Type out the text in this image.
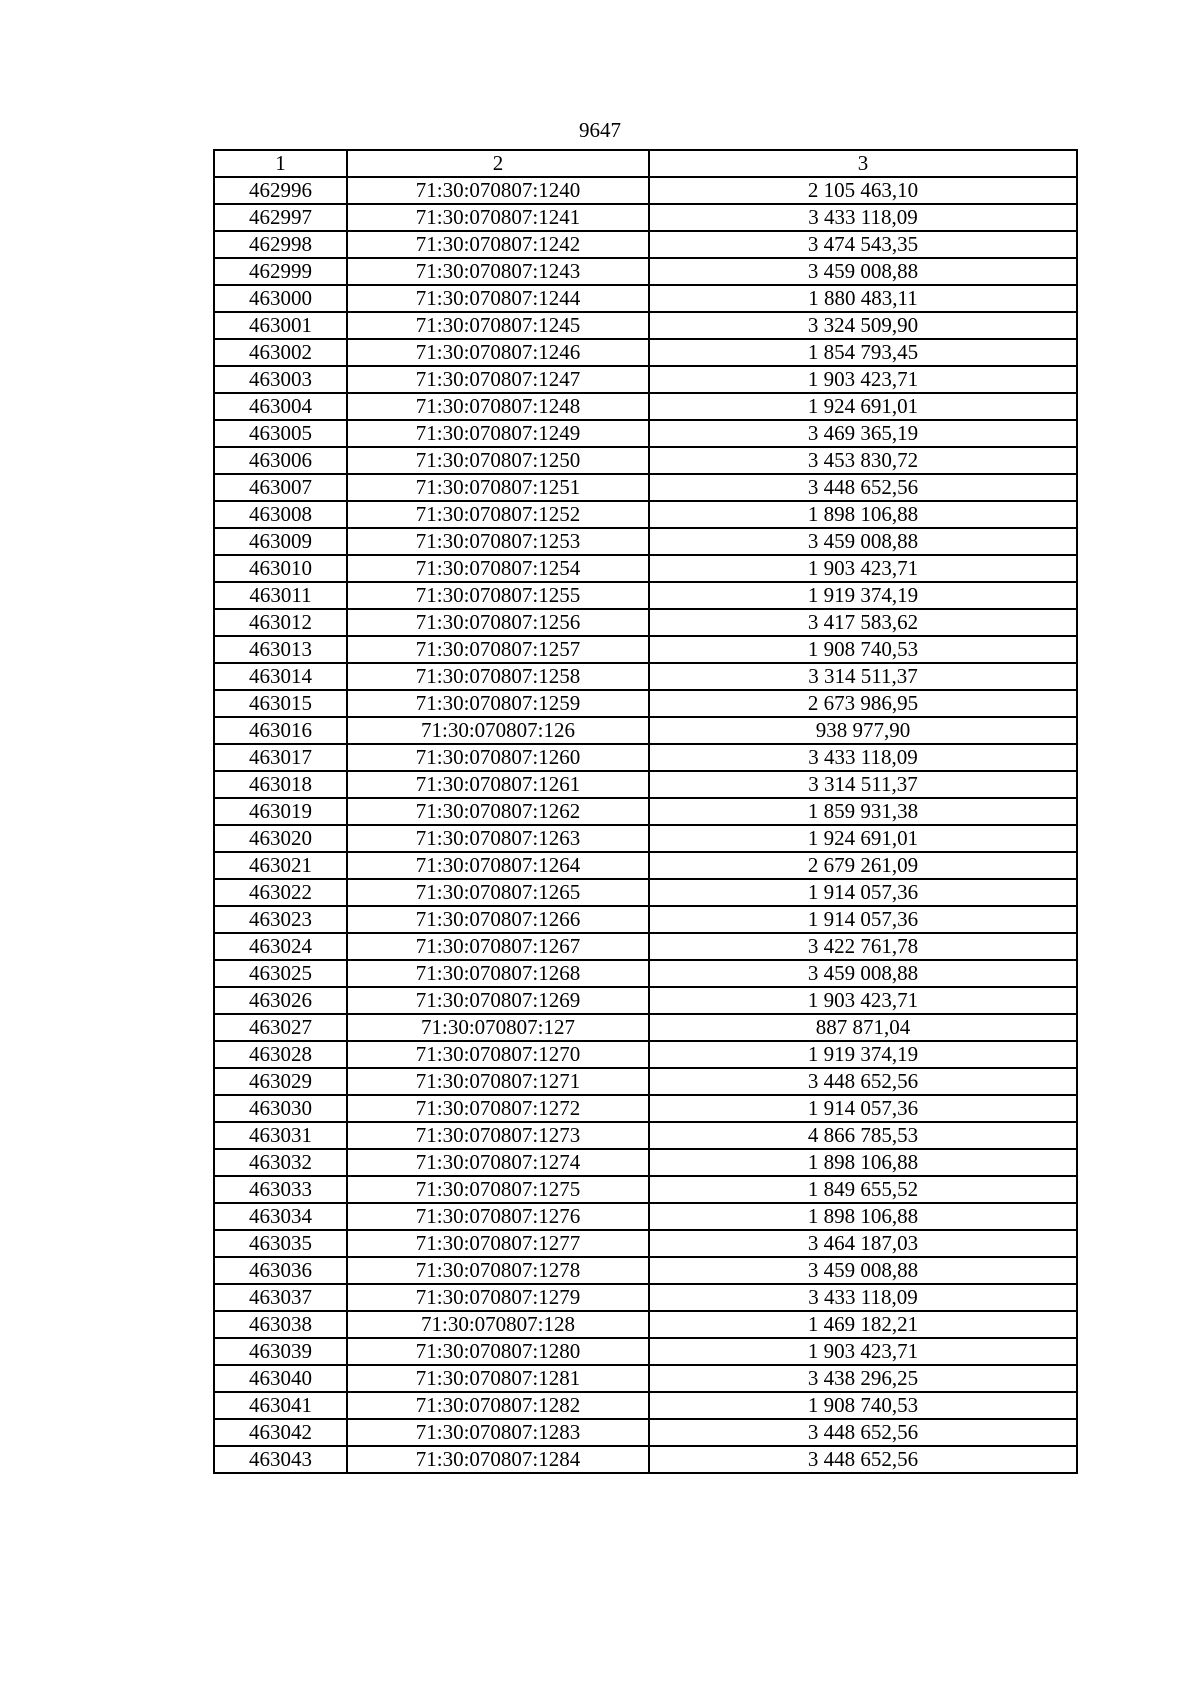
9647
1	2	3
462996	71:30:070807:1240	2 105 463,10
462997	71:30:070807:1241	3 433 118,09
462998	71:30:070807:1242	3 474 543,35
462999	71:30:070807:1243	3 459 008,88
463000	71:30:070807:1244	1 880 483,11
463001	71:30:070807:1245	3 324 509,90
463002	71:30:070807:1246	1 854 793,45
463003	71:30:070807:1247	1 903 423,71
463004	71:30:070807:1248	1 924 691,01
463005	71:30:070807:1249	3 469 365,19
463006	71:30:070807:1250	3 453 830,72
463007	71:30:070807:1251	3 448 652,56
463008	71:30:070807:1252	1 898 106,88
463009	71:30:070807:1253	3 459 008,88
463010	71:30:070807:1254	1 903 423,71
463011	71:30:070807:1255	1 919 374,19
463012	71:30:070807:1256	3 417 583,62
463013	71:30:070807:1257	1 908 740,53
463014	71:30:070807:1258	3 314 511,37
463015	71:30:070807:1259	2 673 986,95
463016	71:30:070807:126	938 977,90
463017	71:30:070807:1260	3 433 118,09
463018	71:30:070807:1261	3 314 511,37
463019	71:30:070807:1262	1 859 931,38
463020	71:30:070807:1263	1 924 691,01
463021	71:30:070807:1264	2 679 261,09
463022	71:30:070807:1265	1 914 057,36
463023	71:30:070807:1266	1 914 057,36
463024	71:30:070807:1267	3 422 761,78
463025	71:30:070807:1268	3 459 008,88
463026	71:30:070807:1269	1 903 423,71
463027	71:30:070807:127	887 871,04
463028	71:30:070807:1270	1 919 374,19
463029	71:30:070807:1271	3 448 652,56
463030	71:30:070807:1272	1 914 057,36
463031	71:30:070807:1273	4 866 785,53
463032	71:30:070807:1274	1 898 106,88
463033	71:30:070807:1275	1 849 655,52
463034	71:30:070807:1276	1 898 106,88
463035	71:30:070807:1277	3 464 187,03
463036	71:30:070807:1278	3 459 008,88
463037	71:30:070807:1279	3 433 118,09
463038	71:30:070807:128	1 469 182,21
463039	71:30:070807:1280	1 903 423,71
463040	71:30:070807:1281	3 438 296,25
463041	71:30:070807:1282	1 908 740,53
463042	71:30:070807:1283	3 448 652,56
463043	71:30:070807:1284	3 448 652,56
